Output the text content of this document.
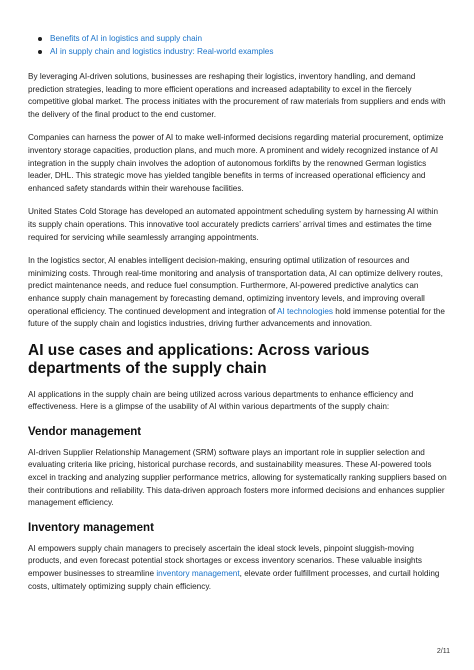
Benefits of AI in logistics and supply chain
AI in supply chain and logistics industry: Real-world examples

By leveraging AI-driven solutions, businesses are reshaping their logistics, inventory handling, and demand prediction strategies, leading to more efficient operations and increased adaptability to excel in the fiercely competitive global market. The process initiates with the procurement of raw materials from suppliers and ends with the delivery of the final product to the end customer.

Companies can harness the power of AI to make well-informed decisions regarding material procurement, optimize inventory storage capacities, production plans, and much more. A prominent and widely recognized instance of AI integration in the supply chain involves the adoption of autonomous forklifts by the renowned German logistics leader, DHL. This strategic move has yielded tangible benefits in terms of increased operational efficiency and enhanced safety standards within their warehouse facilities.

United States Cold Storage has developed an automated appointment scheduling system by harnessing AI within its supply chain operations. This innovative tool accurately predicts carriers’ arrival times and estimates the time required for servicing while seamlessly arranging appointments.

In the logistics sector, AI enables intelligent decision-making, ensuring optimal utilization of resources and minimizing costs. Through real-time monitoring and analysis of transportation data, AI can optimize delivery routes, predict maintenance needs, and reduce fuel consumption. Furthermore, AI-powered predictive analytics can enhance supply chain management by forecasting demand, optimizing inventory levels, and improving overall operational efficiency. The continued development and integration of AI technologies hold immense potential for the future of the supply chain and logistics industries, driving further advancements and innovation.

AI use cases and applications: Across various departments of the supply chain

AI applications in the supply chain are being utilized across various departments to enhance efficiency and effectiveness. Here is a glimpse of the usability of AI within various departments of the supply chain:

Vendor management

AI-driven Supplier Relationship Management (SRM) software plays an important role in supplier selection and evaluating criteria like pricing, historical purchase records, and sustainability measures. These AI-powered tools excel in tracking and analyzing supplier performance metrics, allowing for systematically ranking suppliers based on their contributions and reliability. This data-driven approach fosters more informed decisions and enhances supplier management efficiency.

Inventory management

AI empowers supply chain managers to precisely ascertain the ideal stock levels, pinpoint sluggish-moving products, and even forecast potential stock shortages or excess inventory scenarios. These valuable insights empower businesses to streamline inventory management, elevate order fulfillment processes, and curtail holding costs, ultimately optimizing supply chain efficiency.

2/11
